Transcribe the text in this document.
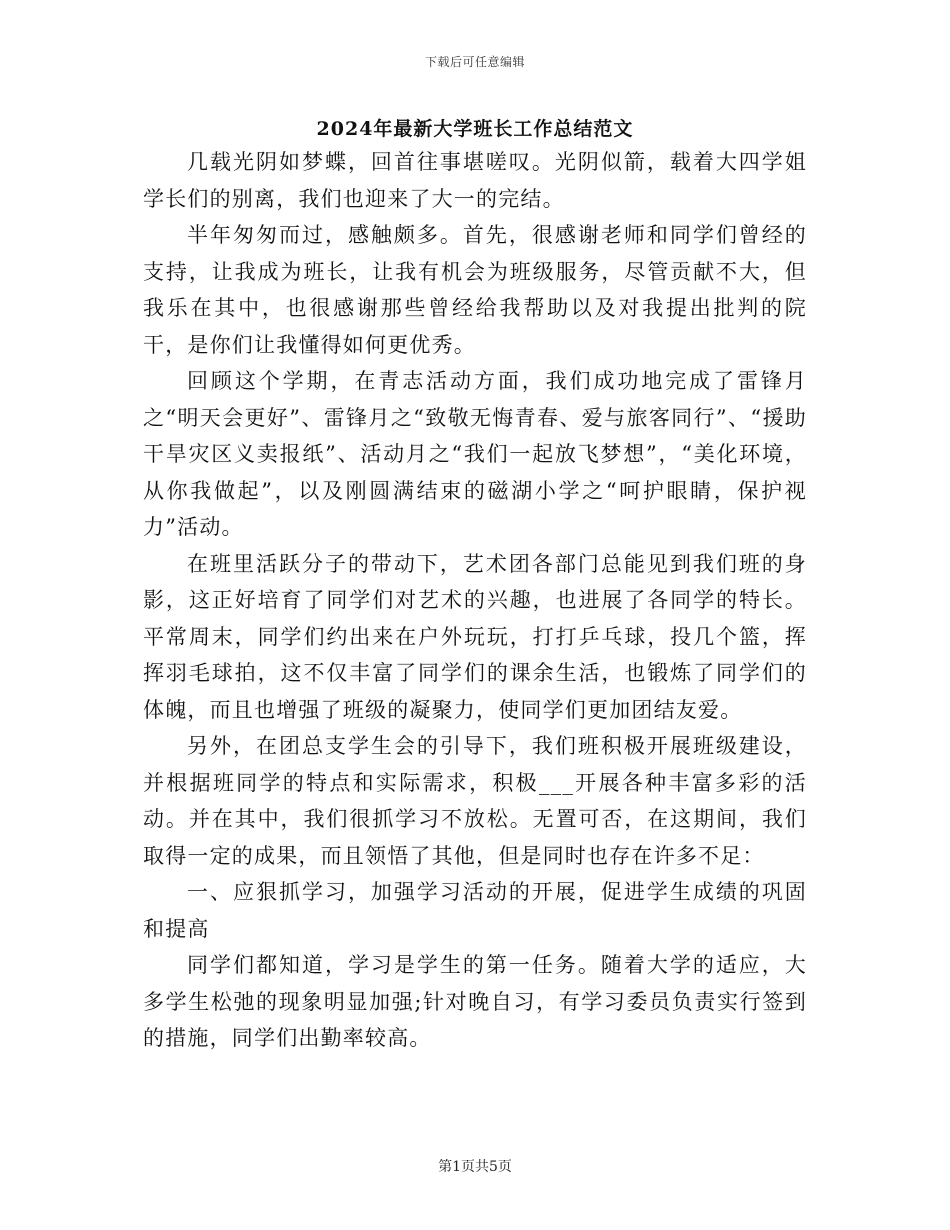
下载后可任意编辑
2024年最新大学班长工作总结范文

几载光阴如梦蝶，回首往事堪嗟叹。光阴似箭，载着大四学姐学长们的别离，我们也迎来了大一的完结。

半年匆匆而过，感触颇多。首先，很感谢老师和同学们曾经的支持，让我成为班长，让我有机会为班级服务，尽管贡献不大，但我乐在其中，也很感谢那些曾经给我帮助以及对我提出批判的院干，是你们让我懂得如何更优秀。

回顾这个学期，在青志活动方面，我们成功地完成了雷锋月之“明天会更好”、雷锋月之“致敬无悔青春、爱与旅客同行”、“援助干旱灾区义卖报纸”、活动月之“我们一起放飞梦想”，“美化环境，从你我做起”，以及刚圆满结束的磁湖小学之“呵护眼睛，保护视力”活动。

在班里活跃分子的带动下，艺术团各部门总能见到我们班的身影，这正好培育了同学们对艺术的兴趣，也进展了各同学的特长。平常周末，同学们约出来在户外玩玩，打打乒乓球，投几个篮，挥挥羽毛球拍，这不仅丰富了同学们的课余生活，也锻炼了同学们的体魄，而且也增强了班级的凝聚力，使同学们更加团结友爱。

另外，在团总支学生会的引导下，我们班积极开展班级建设，并根据班同学的特点和实际需求，积极___开展各种丰富多彩的活动。并在其中，我们很抓学习不放松。无置可否，在这期间，我们取得一定的成果，而且领悟了其他，但是同时也存在许多不足：

一、应狠抓学习，加强学习活动的开展，促进学生成绩的巩固和提高

同学们都知道，学习是学生的第一任务。随着大学的适应，大多学生松弛的现象明显加强;针对晚自习，有学习委员负责实行签到的措施，同学们出勤率较高。

第1页共5页
